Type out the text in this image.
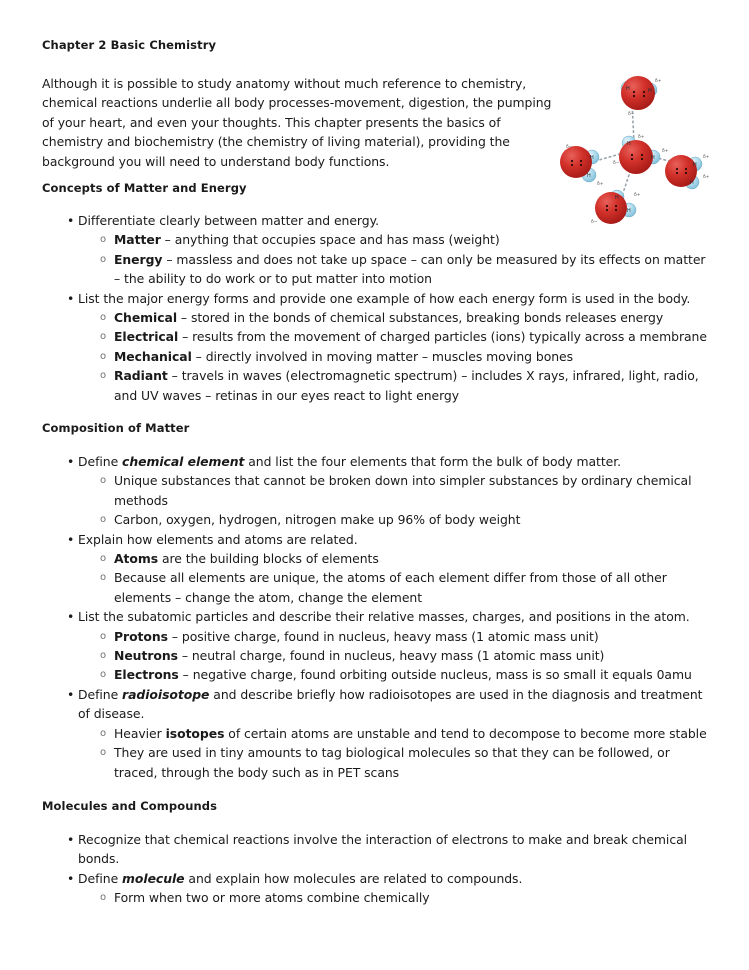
Chapter 2 Basic Chemistry
Although it is possible to study anatomy without much reference to chemistry, chemical reactions underlie all body processes-movement, digestion, the pumping of your heart, and even your thoughts. This chapter presents the basics of chemistry and biochemistry (the chemistry of living material), providing the background you will need to understand body functions.
H	H
δ+
δ−
H
H
δ+
δ+
δ−
H
H
δ−
δ+
H
H
δ+
δ+
H
H
δ+
δ−
Concepts of Matter and Energy
• Differentiate clearly between matter and energy.
o Matter – anything that occupies space and has mass (weight)
o Energy – massless and does not take up space – can only be measured by its effects on matter – the ability to do work or to put matter into motion
• List the major energy forms and provide one example of how each energy form is used in the body.
o Chemical – stored in the bonds of chemical substances, breaking bonds releases energy
o Electrical – results from the movement of charged particles (ions) typically across a membrane
o Mechanical – directly involved in moving matter – muscles moving bones
o Radiant – travels in waves (electromagnetic spectrum) – includes X rays, infrared, light, radio, and UV waves – retinas in our eyes react to light energy
Composition of Matter
• Define chemical element and list the four elements that form the bulk of body matter.
o Unique substances that cannot be broken down into simpler substances by ordinary chemical methods
o Carbon, oxygen, hydrogen, nitrogen make up 96% of body weight
• Explain how elements and atoms are related.
o Atoms are the building blocks of elements
o Because all elements are unique, the atoms of each element differ from those of all other elements – change the atom, change the element
• List the subatomic particles and describe their relative masses, charges, and positions in the atom.
o Protons – positive charge, found in nucleus, heavy mass (1 atomic mass unit)
o Neutrons – neutral charge, found in nucleus, heavy mass (1 atomic mass unit)
o Electrons – negative charge, found orbiting outside nucleus, mass is so small it equals 0amu
• Define radioisotope and describe briefly how radioisotopes are used in the diagnosis and treatment of disease.
o Heavier isotopes of certain atoms are unstable and tend to decompose to become more stable
o They are used in tiny amounts to tag biological molecules so that they can be followed, or traced, through the body such as in PET scans
Molecules and Compounds
• Recognize that chemical reactions involve the interaction of electrons to make and break chemical bonds.
• Define molecule and explain how molecules are related to compounds.
o Form when two or more atoms combine chemically
